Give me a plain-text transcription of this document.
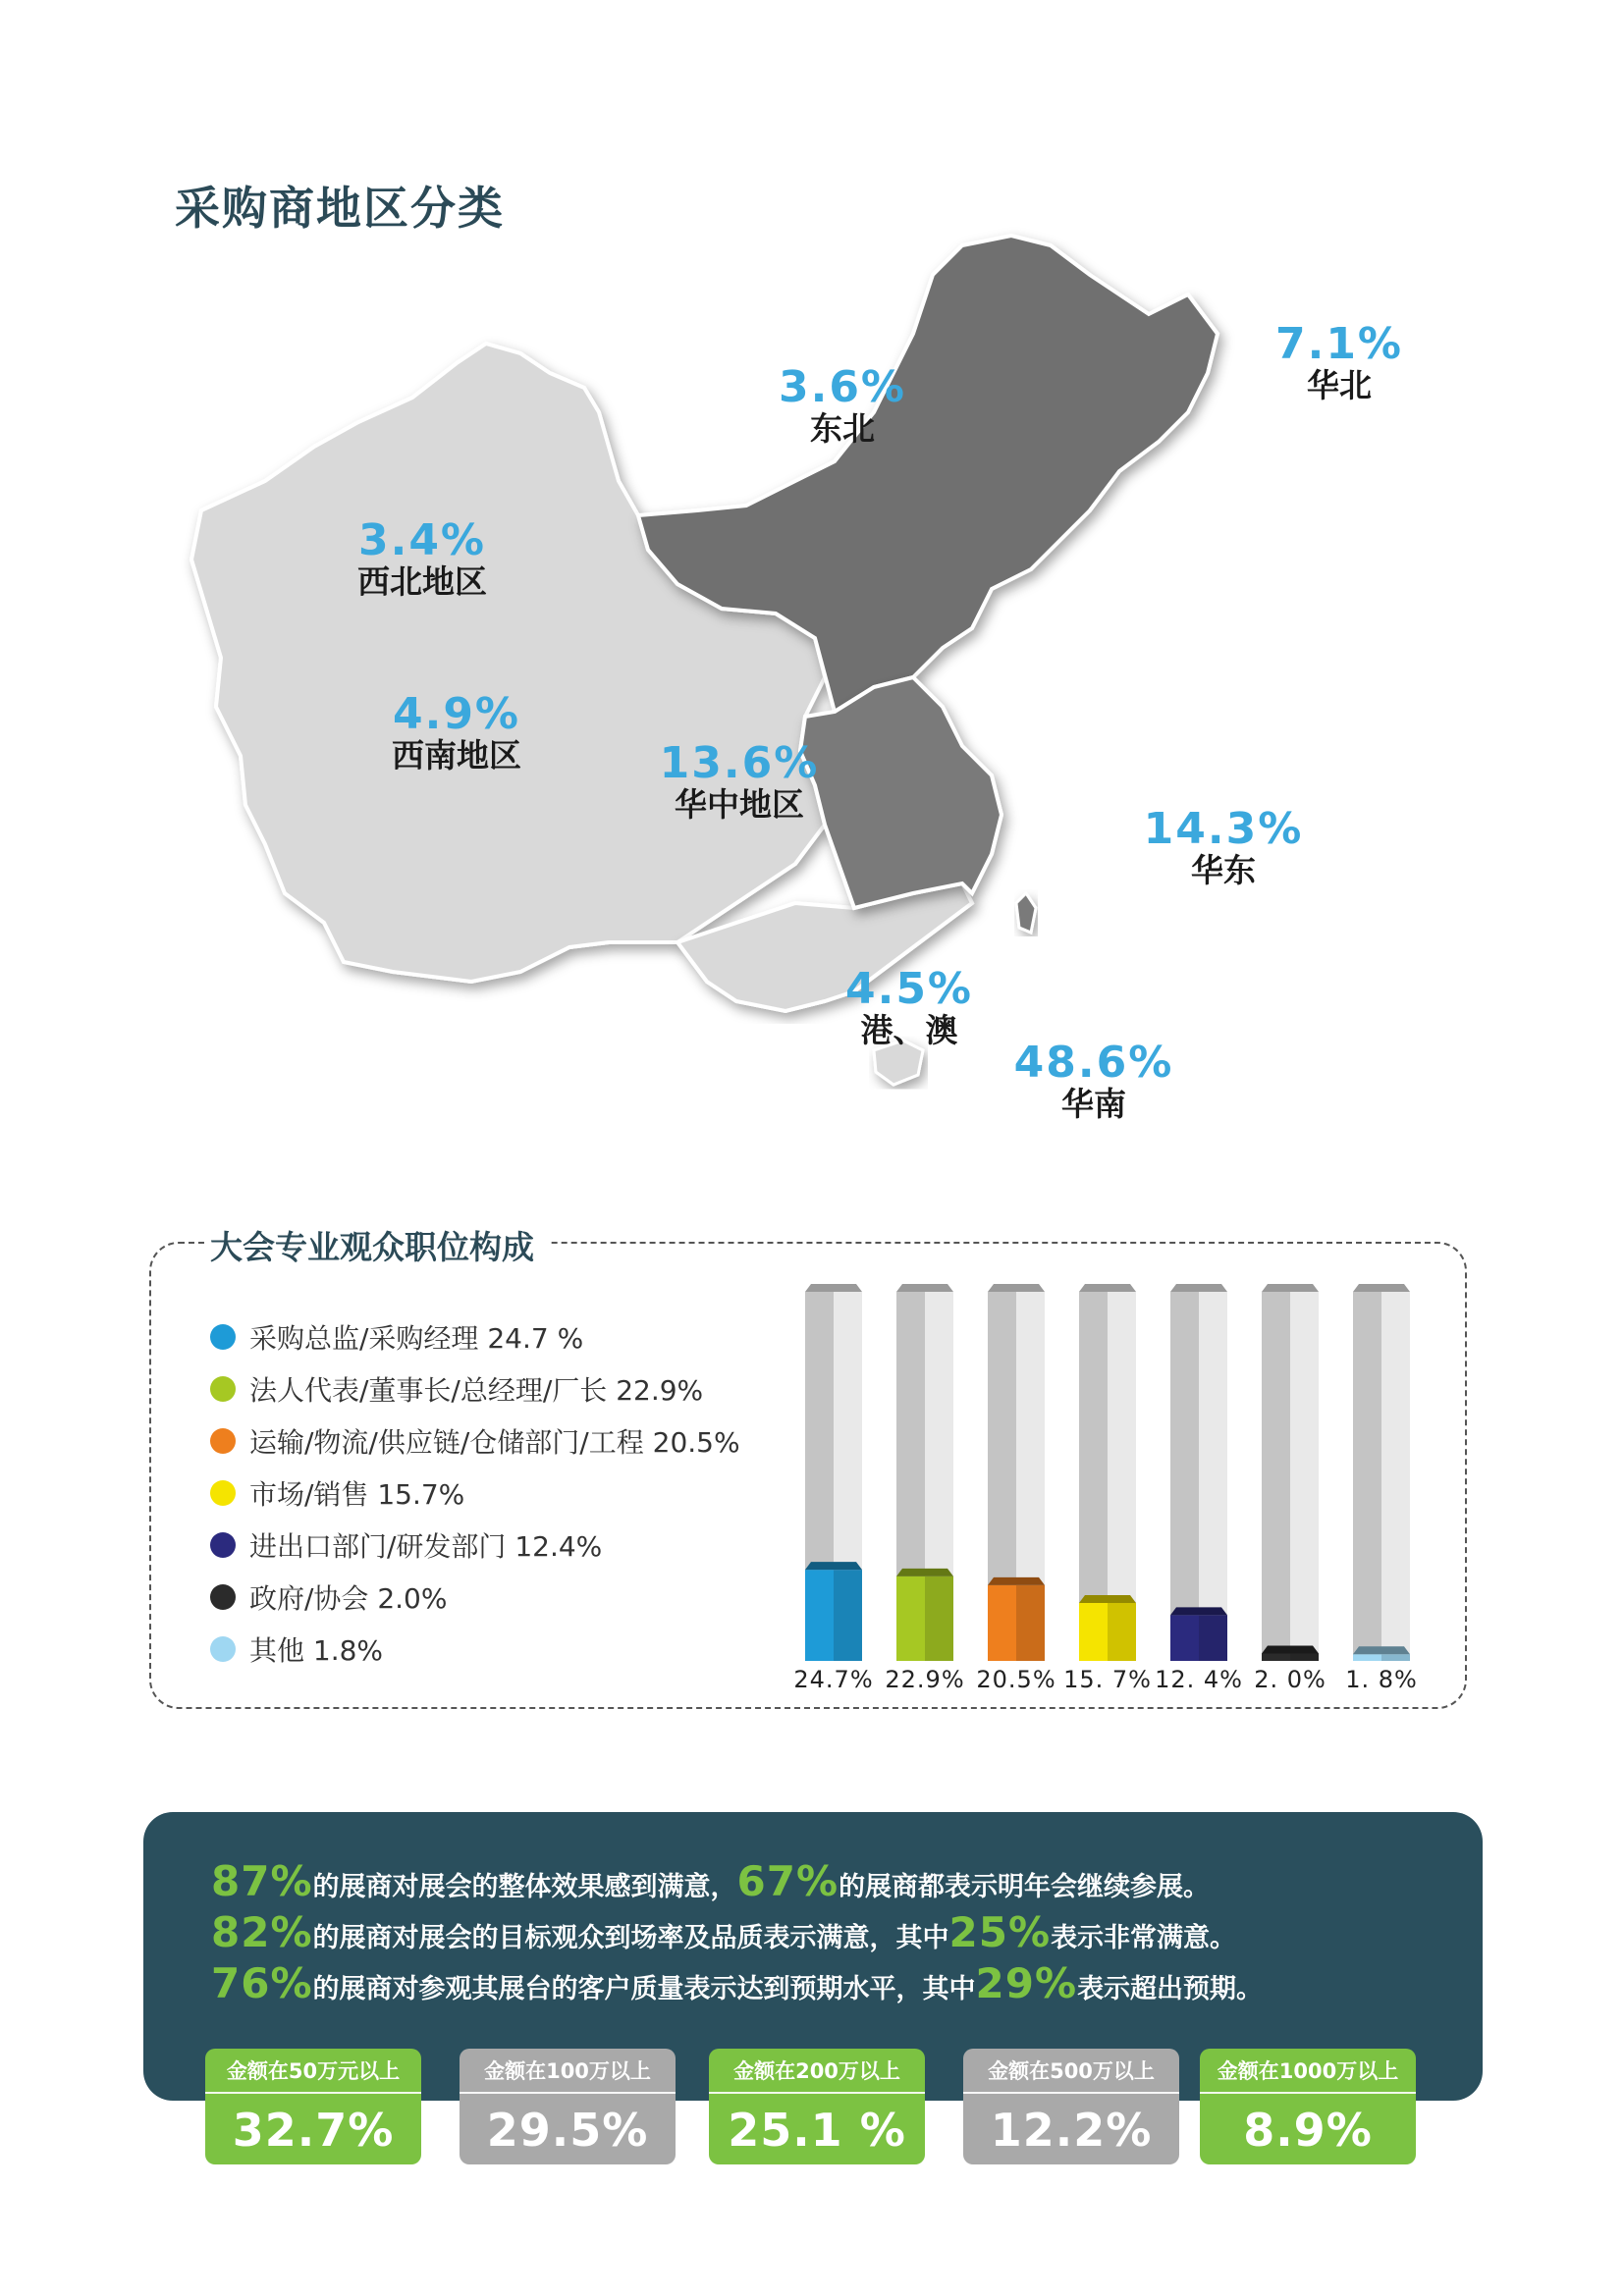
采购商地区分类
3.6%
东北
7.1%
华北
3.4%
西北地区
4.9%
西南地区	13.6%
华中地区	14.3%
华东
4.5%
港、澳
48.6%
华南
大会专业观众职位构成
采购总监/采购经理 24.7 %
法人代表/董事长/总经理/厂长 22.9%
运输/物流/供应链/仓储部门/工程 20.5%
市场/销售 15.7%
进出口部门/研发部门 12.4%
政府/协会 2.0%
其他 1.8%
24.7% 22.9% 20.5% 15. 7% 12. 4% 2. 0% 1. 8%
87%的展商对展会的整体效果感到满意，67%的展商都表示明年会继续参展。
82%的展商对展会的目标观众到场率及品质表示满意，其中25%表示非常满意。
76%的展商对参观其展台的客户质量表示达到预期水平，其中29%表示超出预期。
金额在50万元以上
32.7%
金额在100万以上
29.5%
金额在200万以上
25.1 %
金额在500万以上
12.2%
金额在1000万以上
8.9%
